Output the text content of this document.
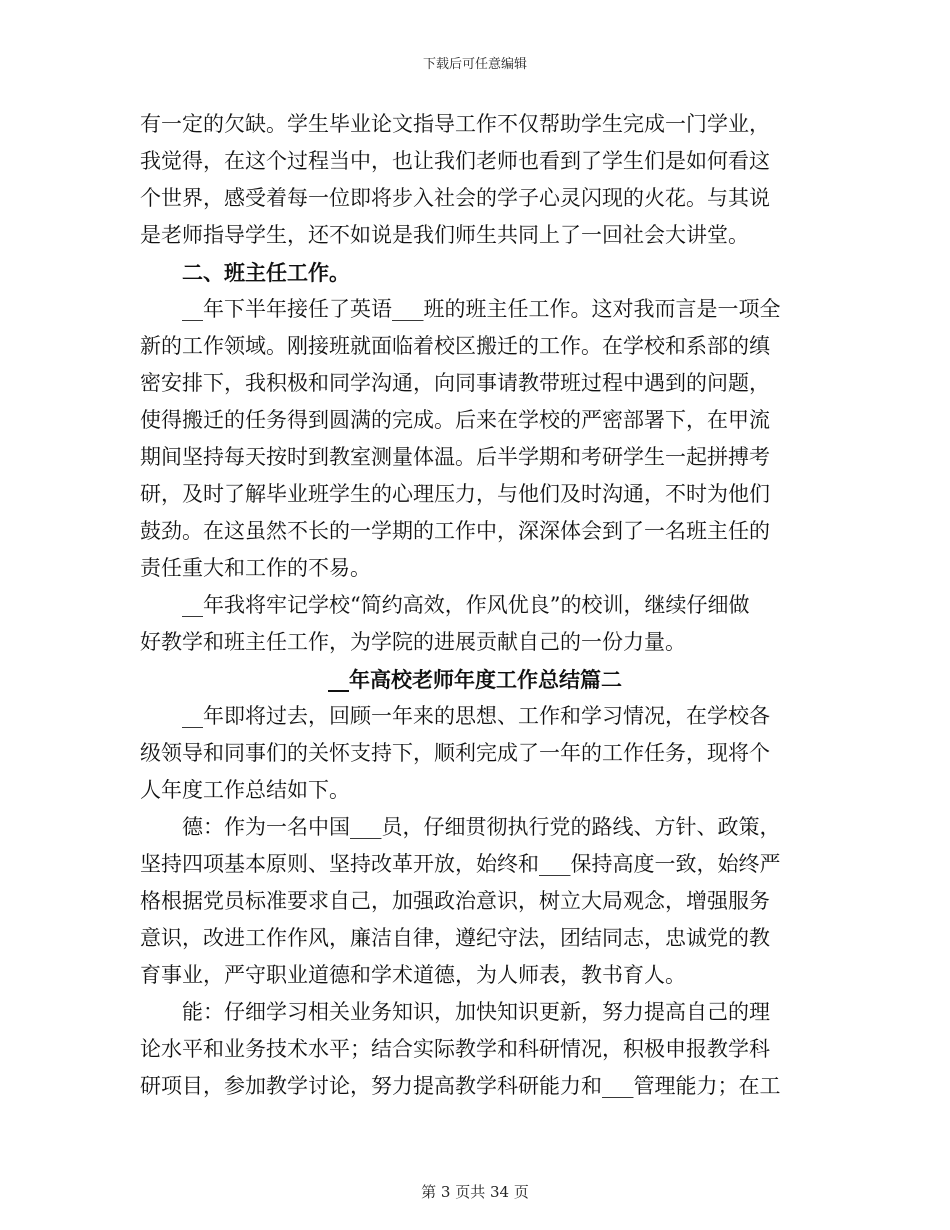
下载后可任意编辑
有一定的欠缺。学生毕业论文指导工作不仅帮助学生完成一门学业，
我觉得，在这个过程当中，也让我们老师也看到了学生们是如何看这
个世界，感受着每一位即将步入社会的学子心灵闪现的火花。与其说
是老师指导学生，还不如说是我们师生共同上了一回社会大讲堂。
二、班主任工作。
__年下半年接任了英语___班的班主任工作。这对我而言是一项全
新的工作领域。刚接班就面临着校区搬迁的工作。在学校和系部的缜
密安排下，我积极和同学沟通，向同事请教带班过程中遇到的问题，
使得搬迁的任务得到圆满的完成。后来在学校的严密部署下，在甲流
期间坚持每天按时到教室测量体温。后半学期和考研学生一起拼搏考
研，及时了解毕业班学生的心理压力，与他们及时沟通，不时为他们
鼓劲。在这虽然不长的一学期的工作中，深深体会到了一名班主任的
责任重大和工作的不易。
__年我将牢记学校“简约高效，作风优良”的校训，继续仔细做
好教学和班主任工作，为学院的进展贡献自己的一份力量。
__年高校老师年度工作总结篇二
__年即将过去，回顾一年来的思想、工作和学习情况，在学校各
级领导和同事们的关怀支持下，顺利完成了一年的工作任务，现将个
人年度工作总结如下。
德：作为一名中国___员，仔细贯彻执行党的路线、方针、政策，
坚持四项基本原则、坚持改革开放，始终和___保持高度一致，始终严
格根据党员标准要求自己，加强政治意识，树立大局观念，增强服务
意识，改进工作作风，廉洁自律，遵纪守法，团结同志，忠诚党的教
育事业，严守职业道德和学术道德，为人师表，教书育人。
能：仔细学习相关业务知识，加快知识更新，努力提高自己的理
论水平和业务技术水平；结合实际教学和科研情况，积极申报教学科
研项目，参加教学讨论，努力提高教学科研能力和___管理能力；在工
第 3 页共 34 页
